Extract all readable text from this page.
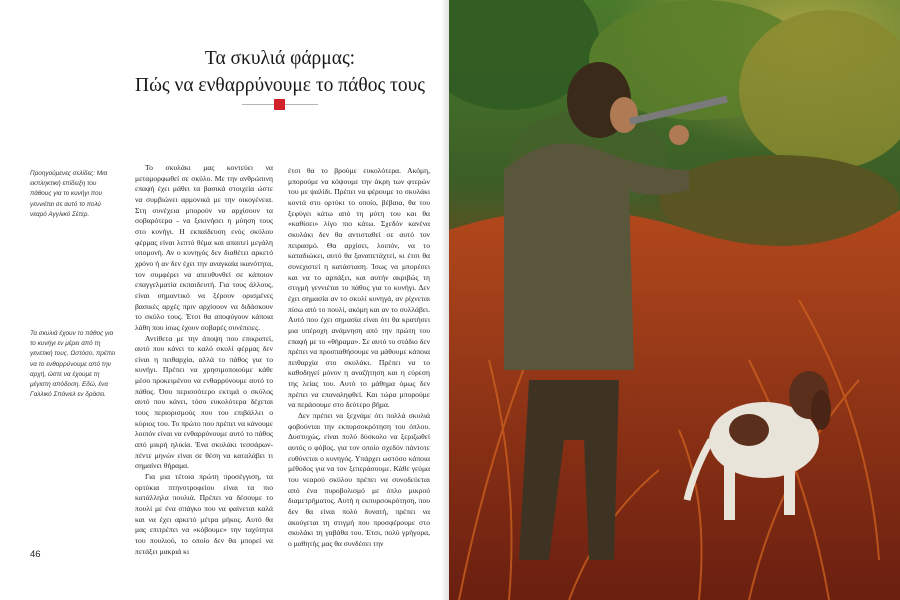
Τα σκυλιά φάρμας:
Πώς να ενθαρρύνουμε το πάθος τους
Προηγούμενες σελίδες: Μια εκπληκτική επίδειξη του πάθους για το κυνήγι που γεννιέται σε αυτό το πολύ νεαρό Αγγλικό Σέτερ.
Τα σκυλιά έχουν το πάθος για το κυνήγι εν μέρει από τη γενετική τους. Ωστόσο, πρέπει να το ενθαρρύνουμε από την αρχή, ώστε να έχουμε τη μέγιστη απόδοση. Εδώ, ένα Γαλλικό Σπάνιελ εν δράσει.

Το σκυλάκι μας κοντεύει να μεταμορφωθεί σε σκύλο. Με την ανθρώπινη επαφή έχει μάθει τα βασικά στοιχεία ώστε να συμβιώνει αρμονικά με την οικογένεια. Στη συνέχεια μπορούν να αρχίσουν τα σοβαρότερα - να ξεκινήσει η μύηση τους στο κυνήγι. Η εκπαίδευση ενός σκύλου φέρμας είναι λεπτό θέμα και απαιτεί μεγάλη υπομονή. Αν ο κυνηγός δεν διαθέτει αρκετό χρόνο ή αν δεν έχει την αναγκαία ικανότητα, τον συμφέρει να απευθυνθεί σε κάποιον επαγγελματία εκπαιδευτή. Για τους άλλους, είναι σημαντικό να ξέρουν ορισμένες βασικές αρχές πριν αρχίσουν να διδάσκουν το σκύλο τους. Έτσι θα αποφύγουν κάποια λάθη που ίσως έχουν σοβαρές συνέπειες.

Αντίθετα με την άποψη που επικρατεί, αυτό που κάνει το καλό σκυλί φέρμας δεν είναι η πειθαρχία, αλλά το πάθος για το κυνήγι. Πρέπει να χρησιμοποιούμε κάθε μέσο προκειμένου να ενθαρρύνουμε αυτό το πάθος. Όσο περισσότερο εκτιμά ο σκύλος αυτό που κάνει, τόσο ευκολότερα δέχεται τους περιορισμούς που του επιβάλλει ο κύριος του. Το πρώτο που πρέπει να κάνουμε λοιπόν είναι να ενθαρρύνουμε αυτό το πάθος από μικρή ηλικία. Ένα σκυλάκι τεσσάρων-πέντε μηνών είναι σε θέση να καταλάβει τι σημαίνει θήραμα.

Για μια τέτοια πρώτη προσέγγιση, τα ορτύκια πτηνοτροφείου είναι τα πιο κατάλληλα πουλιά. Πρέπει να δέσουμε το πουλί με ένα σπάγκο που να φαίνεται καλά και να έχει αρκετό μέτρα μήκος. Αυτό θα μας επιτρέπει να «κόβουμε» την ταχύτητα του πουλιού, το οποίο δεν θα μπορεί να πετάξει μακριά κι

έτσι θα το βρούμε ευκολότερα. Ακόμη, μπορούμε να κόψουμε την άκρη των φτερών του με ψαλίδι. Πρέπει να φέρουμε το σκυλάκι κοντά στο ορτύκι το οποίο, βέβαια, θα του ξεφύγει κάτω από τη μύτη του και θα «καθίσει» λίγο πιο κάτω. Σχεδόν κανένα σκυλάκι δεν θα αντισταθεί σε αυτό τον πειρασμό. Θα αρχίσει, λοιπόν, να το καταδιώκει, αυτό θα ξαναπετάχτεί, κι έτσι θα συνεχιστεί η κατάσταση. Ίσως να μπορέσει και να το αρπάξει, και αυτήν ακριβώς τη στιγμή γεννιέται το πάθος για το κυνήγι. Δεν έχει σημασία αν το σκυλί κυνηγά, αν ρίχνεται πίσω από το πουλί, ακόμη και αν το συλλάβει. Αυτό που έχει σημασία είναι ότι θα κρατήσει μια υπέροχη ανάμνηση από την πρώτη του επαφή με το «θήραμα». Σε αυτό το στάδιο δεν πρέπει να προσπαθήσουμε να μάθουμε κάποια πειθαρχία στο σκυλάκι. Πρέπει να το καθοδηγεί μόνον η αναζήτηση και η εύρεση της λείας του. Αυτό το μάθημα όμως δεν πρέπει να επαναληφθεί. Και τώρα μπορούμε να περάσουμε στο δεύτερο βήμα.

Δεν πρέπει να ξεχνάμε ότι πολλά σκυλιά φοβούνται την εκπυρσοκρότηση του όπλου. Δυστυχώς, είναι πολύ δύσκολο να ξεριζωθεί αυτός ο φόβος, για τον οποίο σχεδόν πάντοτε ευθύνεται ο κυνηγός. Υπάρχει ωστόσο κάποια μέθοδος για να τον ξεπεράσουμε. Κάθε γεύμα του νεαρού σκύλου πρέπει να συνοδεύεται από ένα πυροβολισμό με όπλο μικρού διαμετρήματος. Αυτή η εκπυρσοκρότηση, που δεν θα είναι πολύ δυνατή, πρέπει να ακούγεται τη στιγμή που προσφέρουμε στο σκυλάκι τη γαβάθα του. Έτσι, πολύ γρήγορα, ο μαθητής μας θα συνδέσει την

46
